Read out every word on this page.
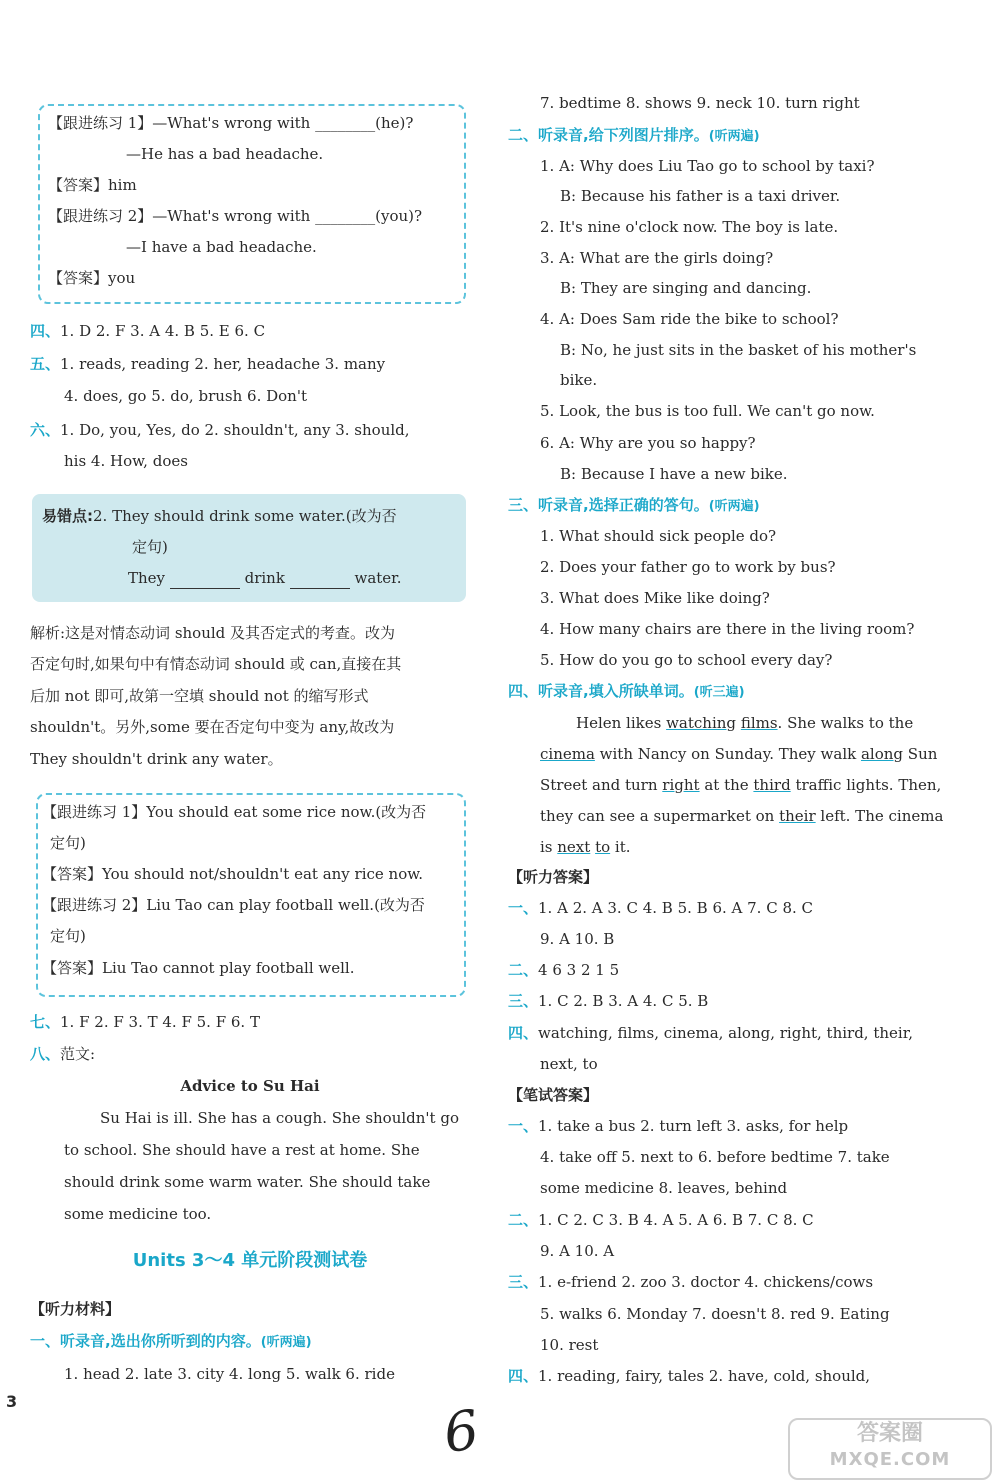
【跟进练习 1】—What's wrong with ________(he)?
—He has a bad headache.
【答案】him
【跟进练习 2】—What's wrong with ________(you)?
—I have a bad headache.
【答案】you
四、1. D 2. F 3. A 4. B 5. E 6. C
五、1. reads, reading 2. her, headache 3. many
4. does, go 5. do, brush 6. Don't
六、1. Do, you, Yes, do 2. shouldn't, any 3. should,
his 4. How, does
易错点:2. They should drink some water.(改为否
定句)
They	drink	water.
解析:这是对情态动词 should 及其否定式的考查。改为
否定句时,如果句中有情态动词 should 或 can,直接在其
后加 not 即可,故第一空填 should not 的缩写形式
shouldn't。另外,some 要在否定句中变为 any,故改为
They shouldn't drink any water。
【跟进练习 1】You should eat some rice now.(改为否
定句)
【答案】You should not/shouldn't eat any rice now.
【跟进练习 2】Liu Tao can play football well.(改为否
定句)
【答案】Liu Tao cannot play football well.
七、1. F 2. F 3. T 4. F 5. F 6. T
八、范文:
Advice to Su Hai
Su Hai is ill. She has a cough. She shouldn't go
to school. She should have a rest at home. She
should drink some warm water. She should take
some medicine too.
Units 3～4 单元阶段测试卷
【听力材料】
一、听录音,选出你所听到的内容。(听两遍)
1. head 2. late 3. city 4. long 5. walk 6. ride
7. bedtime 8. shows 9. neck 10. turn right
二、听录音,给下列图片排序。(听两遍)
1. A: Why does Liu Tao go to school by taxi?
B: Because his father is a taxi driver.
2. It's nine o'clock now. The boy is late.
3. A: What are the girls doing?
B: They are singing and dancing.
4. A: Does Sam ride the bike to school?
B: No, he just sits in the basket of his mother's
bike.
5. Look, the bus is too full. We can't go now.
6. A: Why are you so happy?
B: Because I have a new bike.
三、听录音,选择正确的答句。(听两遍)
1. What should sick people do?
2. Does your father go to work by bus?
3. What does Mike like doing?
4. How many chairs are there in the living room?
5. How do you go to school every day?
四、听录音,填入所缺单词。(听三遍)
Helen likes watching films. She walks to the
cinema with Nancy on Sunday. They walk along Sun
Street and turn right at the third traffic lights. Then,
they can see a supermarket on their left. The cinema
is next to it.
【听力答案】
一、1. A 2. A 3. C 4. B 5. B 6. A 7. C 8. C
9. A 10. B
二、4 6 3 2 1 5
三、1. C 2. B 3. A 4. C 5. B
四、watching, films, cinema, along, right, third, their,
next, to
【笔试答案】
一、1. take a bus 2. turn left 3. asks, for help
4. take off 5. next to 6. before bedtime 7. take
some medicine 8. leaves, behind
二、1. C 2. C 3. B 4. A 5. A 6. B 7. C 8. C
9. A 10. A
三、1. e-friend 2. zoo 3. doctor 4. chickens/cows
5. walks 6. Monday 7. doesn't 8. red 9. Eating
10. rest
四、1. reading, fairy, tales 2. have, cold, should,
3	6	答案圈
MXQE.COM
